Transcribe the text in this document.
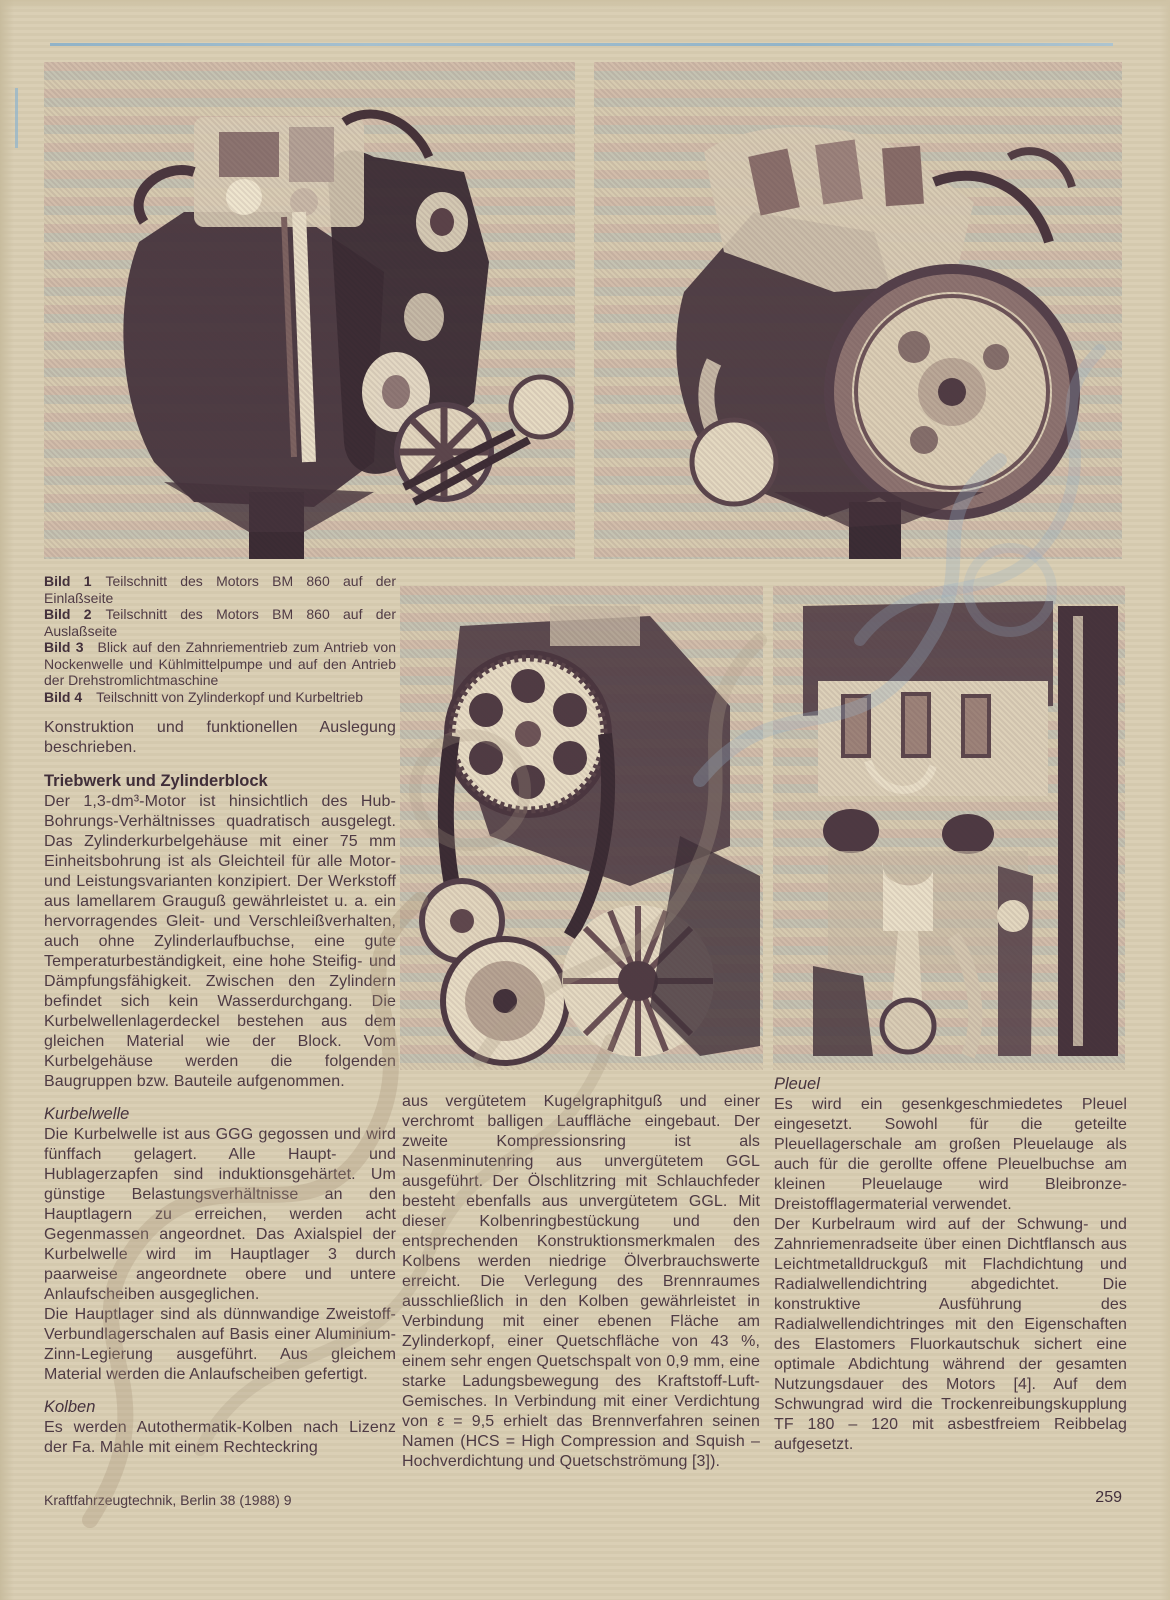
Bild 1 Teilschnitt des Motors BM 860 auf der Einlaßseite

Bild 2 Teilschnitt des Motors BM 860 auf der Auslaßseite

Bild 3 Blick auf den Zahnriementrieb zum Antrieb von Nockenwelle und Kühlmittelpumpe und auf den Antrieb der Drehstromlichtmaschine

Bild 4 Teilschnitt von Zylinderkopf und Kurbeltrieb

Konstruktion und funktionellen Auslegung beschrieben.

Triebwerk und Zylinderblock

Der 1,3-dm³-Motor ist hinsichtlich des Hub-Bohrungs-Verhältnisses quadratisch ausgelegt. Das Zylinderkurbelgehäuse mit einer 75 mm Einheitsbohrung ist als Gleichteil für alle Motor- und Leistungsvarianten konzipiert. Der Werkstoff aus lamellarem Grauguß gewährleistet u. a. ein hervorragendes Gleit- und Verschleißverhalten, auch ohne Zylinderlaufbuchse, eine gute Temperaturbeständigkeit, eine hohe Steifig- und Dämpfungsfähigkeit. Zwischen den Zylindern befindet sich kein Wasserdurchgang. Die Kurbelwellenlagerdeckel bestehen aus dem gleichen Material wie der Block. Vom Kurbelgehäuse werden die folgenden Baugruppen bzw. Bauteile aufgenommen.

Kurbelwelle

Die Kurbelwelle ist aus GGG gegossen und wird fünffach gelagert. Alle Haupt- und Hublagerzapfen sind induktionsgehärtet. Um günstige Belastungsverhältnisse an den Hauptlagern zu erreichen, werden acht Gegenmassen angeordnet. Das Axialspiel der Kurbelwelle wird im Hauptlager 3 durch paarweise angeordnete obere und untere Anlaufscheiben ausgeglichen.

Die Hauptlager sind als dünnwandige Zweistoff-Verbundlagerschalen auf Basis einer Aluminium-Zinn-Legierung ausgeführt. Aus gleichem Material werden die Anlaufscheiben gefertigt.

Kolben

Es werden Autothermatik-Kolben nach Lizenz der Fa. Mahle mit einem Rechteckring

aus vergütetem Kugelgraphitguß und einer verchromt balligen Lauffläche eingebaut. Der zweite Kompressionsring ist als Nasenminutenring aus unvergütetem GGL ausgeführt. Der Ölschlitzring mit Schlauchfeder besteht ebenfalls aus unvergütetem GGL. Mit dieser Kolbenringbestückung und den entsprechenden Konstruktionsmerkmalen des Kolbens werden niedrige Ölverbrauchswerte erreicht. Die Verlegung des Brennraumes ausschließlich in den Kolben gewährleistet in Verbindung mit einer ebenen Fläche am Zylinderkopf, einer Quetschfläche von 43 %, einem sehr engen Quetschspalt von 0,9 mm, eine starke Ladungsbewegung des Kraftstoff-Luft-Gemisches. In Verbindung mit einer Verdichtung von ε = 9,5 erhielt das Brennverfahren seinen Namen (HCS = High Compression and Squish – Hochverdichtung und Quetschströmung [3]).

Pleuel

Es wird ein gesenkgeschmiedetes Pleuel eingesetzt. Sowohl für die geteilte Pleuellagerschale am großen Pleuelauge als auch für die gerollte offene Pleuelbuchse am kleinen Pleuelauge wird Bleibronze-Dreistofflagermaterial verwendet.

Der Kurbelraum wird auf der Schwung- und Zahnriemenradseite über einen Dichtflansch aus Leichtmetalldruckguß mit Flachdichtung und Radialwellendichtring abgedichtet. Die konstruktive Ausführung des Radialwellendichtringes mit den Eigenschaften des Elastomers Fluorkautschuk sichert eine optimale Abdichtung während der gesamten Nutzungsdauer des Motors [4]. Auf dem Schwungrad wird die Trockenreibungskupplung TF 180 – 120 mit asbestfreiem Reibbelag aufgesetzt.

Kraftfahrzeugtechnik, Berlin 38 (1988) 9	259
